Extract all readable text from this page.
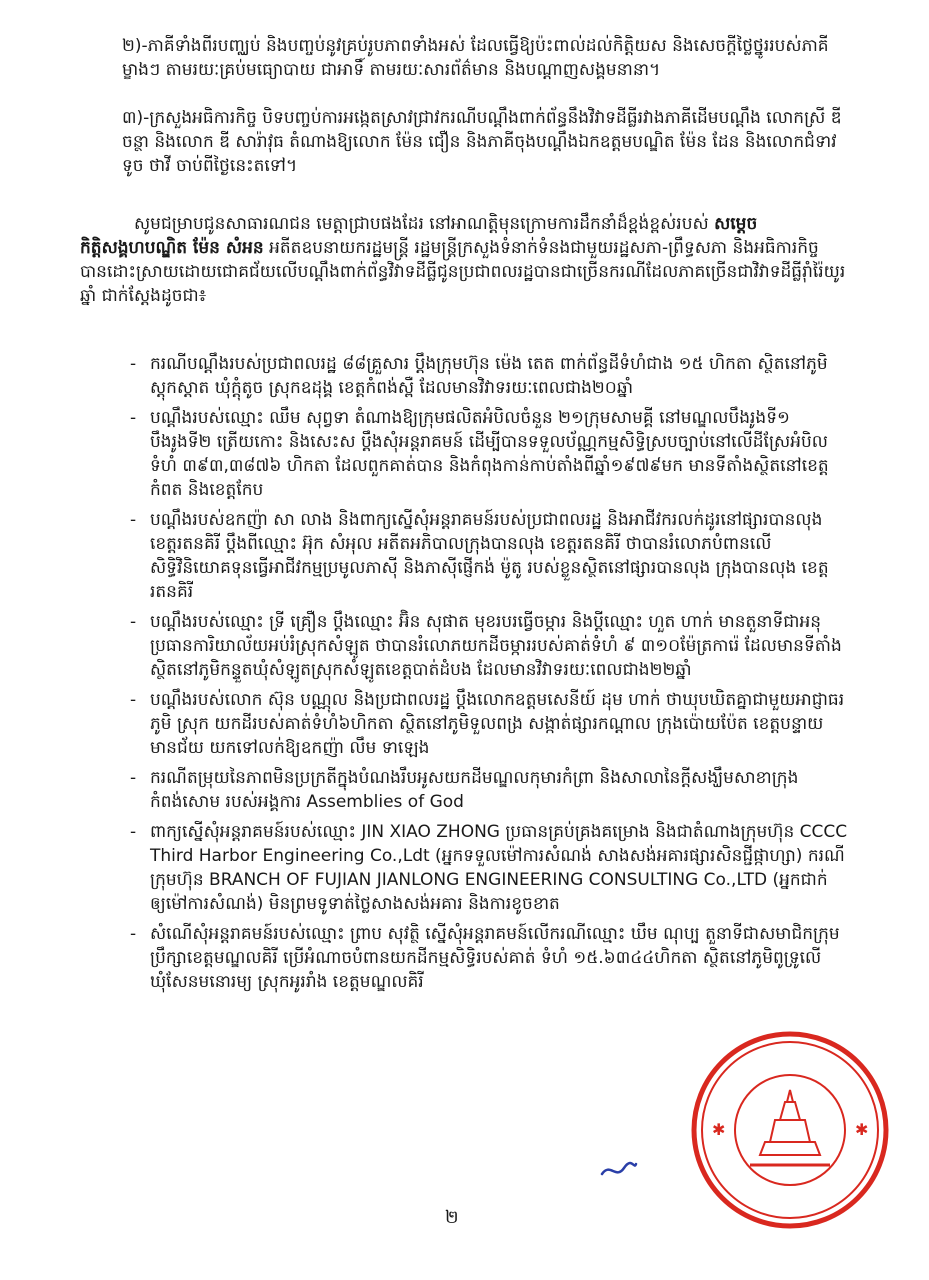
២)-ភាគីទាំងពីរបញ្ឈប់ និងបញ្ចប់នូវគ្រប់រូបភាពទាំងអស់ ដែលធ្វើឱ្យប៉ះពាល់ដល់កិត្តិយស និងសេចក្តីថ្លៃថ្នូររបស់ភាគីម្ខាងៗ តាមរយៈគ្រប់មធ្យោបាយ ជាអាទិ៍ តាមរយៈសារព័ត៌មាន និងបណ្តាញសង្គមនានា។

៣)-ក្រសួងអធិការកិច្ច បិទបញ្ចប់ការអង្កេតស្រាវជ្រាវករណីបណ្តឹងពាក់ព័ន្ធនឹងវិវាទដីធ្លីរវាងភាគីដើមបណ្តឹង លោកស្រី ឌី ចន្ថា និងលោក ឌី សារ៉ាវុធ តំណាងឱ្យលោក ម៉ែន ជឿន និងភាគីចុងបណ្តឹងឯកឧត្តមបណ្ឌិត ម៉ែន ដែន និងលោកជំទាវ ទូច ថាវី ចាប់ពីថ្ងៃនេះតទៅ។

សូមជម្រាបជូនសាធារណជន មេត្តាជ្រាបផងដែរ នៅអាណត្តិមុនក្រោមការដឹកនាំដ៏ខ្ពង់ខ្ពស់របស់ សម្តេចកិត្តិសង្គហបណ្ឌិត ម៉ែន សំអន អតីតឧបនាយករដ្ឋមន្ត្រី រដ្ឋមន្ត្រីក្រសួងទំនាក់ទំនងជាមួយរដ្ឋសភា-ព្រឹទ្ធសភា និងអធិការកិច្ច បានដោះស្រាយដោយជោគជ័យលើបណ្តឹងពាក់ព័ន្ធវិវាទដីធ្លីជូនប្រជាពលរដ្ឋបានជាច្រើនករណីដែលភាគច្រើនជាវិវាទដីធ្លីរ៉ាំរ៉ៃយូរឆ្នាំ ជាក់ស្តែងដូចជា៖

- ករណីបណ្តឹងរបស់ប្រជាពលរដ្ឋ ៨៨គ្រួសារ ប្តឹងក្រុមហ៊ុន ម៉េង តេត ពាក់ព័ន្ធដីទំហំជាង ១៥ ហិកតា ស្ថិតនៅភូមិស្តុកស្តាត ឃុំក្តុំតូច ស្រុកឧដុង្គ ខេត្តកំពង់ស្ពឺ ដែលមានវិវាទរយៈពេលជាង២០ឆ្នាំ
- បណ្តឹងរបស់ឈ្មោះ ឈឹម សុព្វទា តំណាងឱ្យក្រុមផលិតអំបិលចំនួន ២១ក្រុមសាមគ្គី នៅមណ្ឌលបឹងរូងទី១ បឹងរូងទី២ ត្រើយកោះ និងសេះស ប្តឹងសុំអន្តរាគមន៍ ដើម្បីបានទទួលប័ណ្ណកម្មសិទ្ធិស្របច្បាប់នៅលើដីស្រែអំបិល ទំហំ ៣៩៣,៣៨៧៦ ហិកតា ដែលពួកគាត់បាន និងកំពុងកាន់កាប់តាំងពីឆ្នាំ១៩៧៩មក មានទីតាំងស្ថិតនៅខេត្តកំពត និងខេត្តកែប
- បណ្តឹងរបស់ឧកញ៉ា សា លាង និងពាក្យស្នើសុំអន្តរាគមន៍របស់ប្រជាពលរដ្ឋ និងអាជីវករលក់ដូរនៅផ្សារបានលុង ខេត្តរតនគិរី ប្តឹងពីឈ្មោះ អ៊ុក សំអុល អតីតអភិបាលក្រុងបានលុង ខេត្តរតនគិរី ថាបានរំលោភបំពានលើសិទ្ធិវិនិយោគទុនធ្វើអាជីវកម្មប្រមូលភាស៊ី និងភាស៊ីផ្ញើកង់ ម៉ូតូ របស់ខ្លួនស្ថិតនៅផ្សារបានលុង ក្រុងបានលុង ខេត្តរតនគិរី
- បណ្តឹងរបស់ឈ្មោះ ទ្រី គ្រឿន ប្តឹងឈ្មោះ អ៊ិន សុផាត មុខរបរធ្វើចម្ការ និងប្តីឈ្មោះ ហួត ហាក់ មានតួនាទីជាអនុប្រធានការិយាល័យអប់រំស្រុកសំឡូត ថាបានរំលោភយកដីចម្ការរបស់គាត់ទំហំ ៩ ៣១០ម៉ែត្រការ៉េ ដែលមានទីតាំងស្ថិតនៅភូមិកន្ទួតឃុំសំឡូតស្រុកសំឡូតខេត្តបាត់ដំបង ដែលមានវិវាទរយៈពេលជាង២២ឆ្នាំ
- បណ្តឹងរបស់លោក ស៊ុន បណ្ណុល និងប្រជាពលរដ្ឋ ប្តឹងលោកឧត្តមសេនីយ៍ ដុម ហាក់ ថាឃុបឃិតគ្នាជាមួយអាជ្ញាធរភូមិ ស្រុក យកដីរបស់គាត់ទំហំ៦ហិកតា ស្ថិតនៅភូមិទួលពង្រ សង្កាត់ផ្សារកណ្តាល ក្រុងប៉ោយប៉ែត ខេត្តបន្ទាយមានជ័យ យកទៅលក់ឱ្យឧកញ៉ា លឹម ទាឡេង
- ករណីតម្រុយនៃភាពមិនប្រក្រតីក្នុងបំណងរឹបអូសយកដីមណ្ឌលកុមារកំព្រា និងសាលានៃក្តីសង្ឃឹមសាខាក្រុងកំពង់សោម របស់អង្គការ Assemblies of God
- ពាក្យស្នើសុំអន្តរាគមន៍របស់ឈ្មោះ JIN XIAO ZHONG ប្រធានគ្រប់គ្រងគម្រោង និងជាតំណាងក្រុមហ៊ុន CCCC Third Harbor Engineering Co.,Ldt (អ្នកទទួលម៉ៅការសំណង់ សាងសង់អគារផ្សារសិនជ្ជីផ្កាហ្សា) ករណីក្រុមហ៊ុន BRANCH OF FUJIAN JIANLONG ENGINEERING CONSULTING Co.,LTD (អ្នកជាក់ឲ្យម៉ៅការសំណង់) មិនព្រមទូទាត់ថ្លៃសាងសង់អគារ និងការខូចខាត
- សំណើសុំអន្តរាគមន៍របស់ឈ្មោះ ព្រាប សុវត្ថិ ស្នើសុំអន្តរាគមន៍លើករណីឈ្មោះ ឃឹម ណុប្ប តួនាទីជាសមាជិកក្រុមប្រឹក្សាខេត្តមណ្ឌលគិរី ប្រើអំណាចបំពានយកដីកម្មសិទ្ធិរបស់គាត់ ទំហំ ១៥.៦៣៤៤ហិកតា ស្ថិតនៅភូមិពូទ្រូលើ ឃុំសែនមនោរម្យ ស្រុកអូររាំង ខេត្តមណ្ឌលគិរី
✱	✱
២
